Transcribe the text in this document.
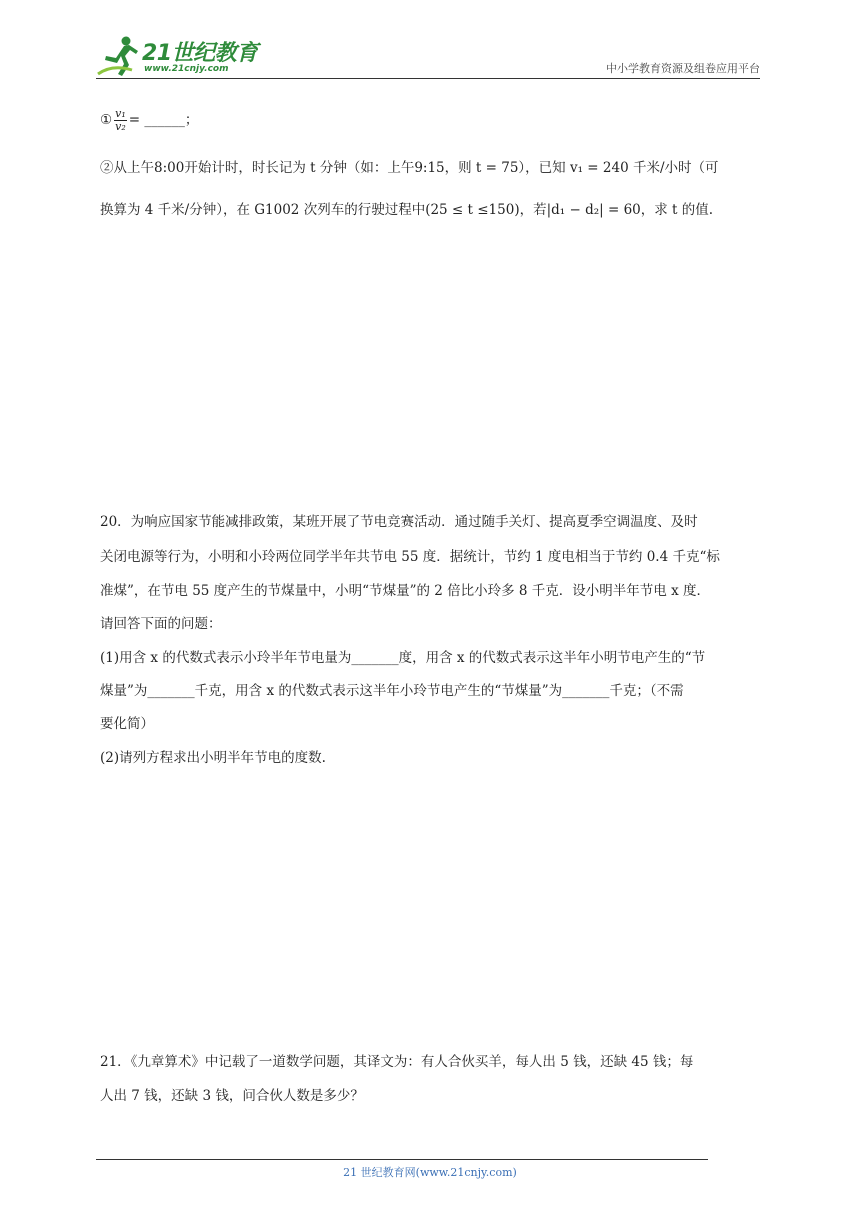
21世纪教育
www.21cnjy.com	中小学教育资源及组卷应用平台
① $\frac{\text{v₁}}{\text{v₂}}$ = ______；
②从上午8:00开始计时，时长记为 t 分钟（如：上午9:15，则 t = 75），已知 v₁ = 240 千米/小时（可
换算为 4 千米/分钟），在 G1002 次列车的行驶过程中(25 ≤ t ≤150)，若|d₁ − d₂| = 60，求 t 的值.
20．为响应国家节能减排政策，某班开展了节电竞赛活动．通过随手关灯、提高夏季空调温度、及时
关闭电源等行为，小明和小玲两位同学半年共节电 55 度．据统计，节约 1 度电相当于节约 0.4 千克“标
准煤”，在节电 55 度产生的节煤量中，小明“节煤量”的 2 倍比小玲多 8 千克．设小明半年节电 x 度．
请回答下面的问题：
(1)用含 x 的代数式表示小玲半年节电量为_______度，用含 x 的代数式表示这半年小明节电产生的“节
煤量”为_______千克，用含 x 的代数式表示这半年小玲节电产生的“节煤量”为_______千克；（不需
要化简）
(2)请列方程求出小明半年节电的度数.
21．《九章算术》中记载了一道数学问题，其译文为：有人合伙买羊，每人出 5 钱，还缺 45 钱；每
人出 7 钱，还缺 3 钱，问合伙人数是多少？
21 世纪教育网(www.21cnjy.com)
